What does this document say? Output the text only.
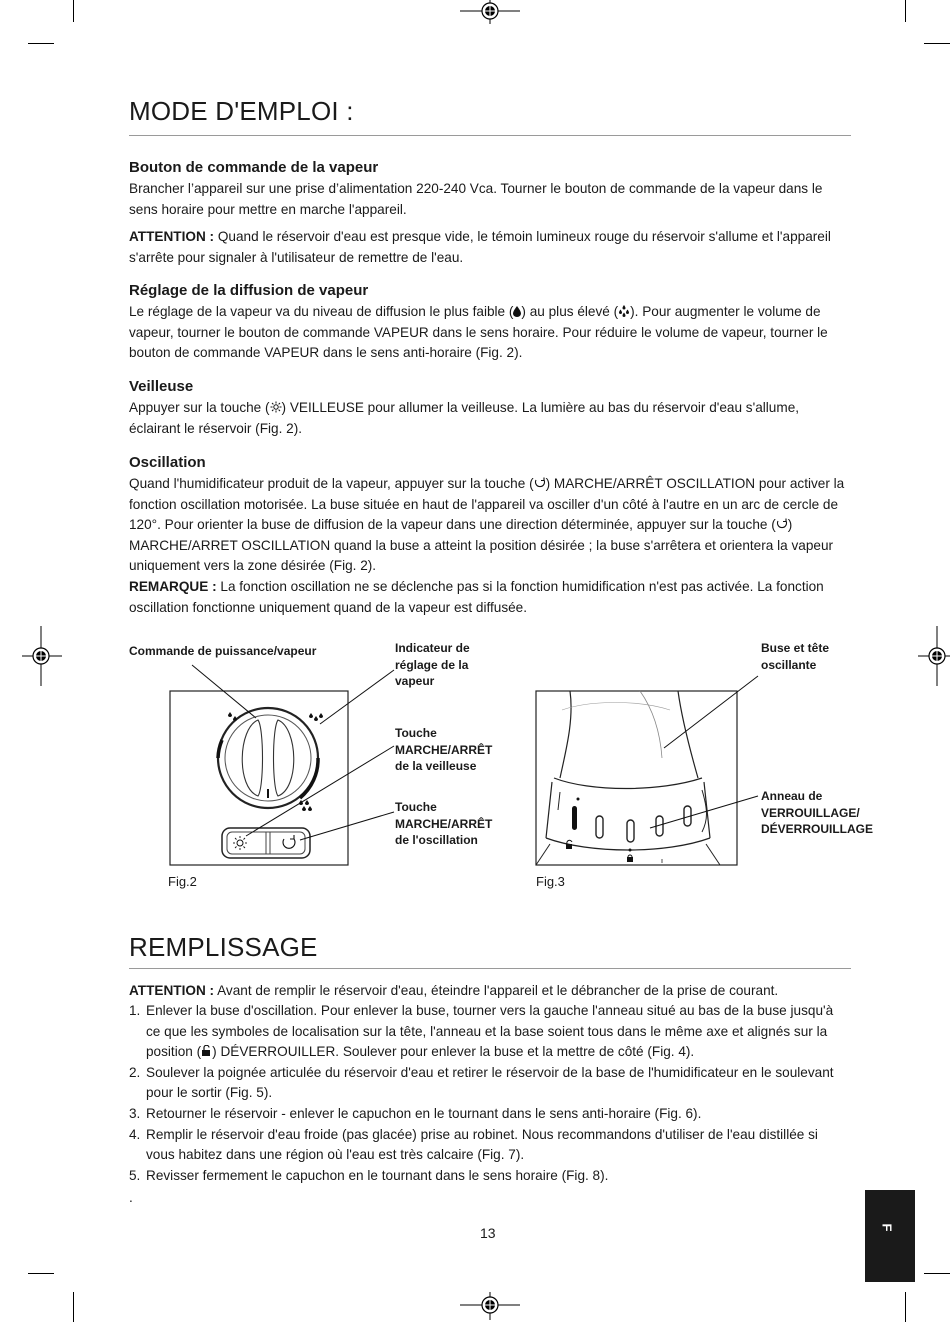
MODE D'EMPLOI :
Bouton de commande de la vapeur
Brancher l’appareil sur une prise d’alimentation 220-240 Vca. Tourner le bouton de commande de la vapeur dans le sens horaire pour mettre en marche l'appareil.
ATTENTION : Quand le réservoir d'eau est presque vide, le témoin lumineux rouge du réservoir s'allume et l'appareil s'arrête pour signaler à l'utilisateur de remettre de l'eau.
Réglage de la diffusion de vapeur
Le réglage de la vapeur va du niveau de diffusion le plus faible ( ) au plus élevé ( ). Pour augmenter le volume de vapeur, tourner le bouton de commande VAPEUR dans le sens horaire. Pour réduire le volume de vapeur, tourner le bouton de commande VAPEUR dans le sens anti-horaire (Fig. 2).
Veilleuse
Appuyer sur la touche ( ) VEILLEUSE pour allumer la veilleuse. La lumière au bas du réservoir d'eau s'allume, éclairant le réservoir (Fig. 2).
Oscillation
Quand l'humidificateur produit de la vapeur, appuyer sur la touche ( ) MARCHE/ARRÊT OSCILLATION pour activer la fonction oscillation motorisée. La buse située en haut de l'appareil va osciller d'un côté à l'autre en un arc de cercle de 120°. Pour orienter la buse de diffusion de la vapeur dans une direction déterminée, appuyer sur la touche ( ) MARCHE/ARRET OSCILLATION quand la buse a atteint la position désirée ; la buse s'arrêtera et orientera la vapeur uniquement vers la zone désirée (Fig. 2).
REMARQUE : La fonction oscillation ne se déclenche pas si la fonction humidification n'est pas activée. La fonction oscillation fonctionne uniquement quand de la vapeur est diffusée.
Commande de puissance/vapeur	Indicateur de
réglage de la
vapeur
Touche
MARCHE/ARRÊT
de la veilleuse
Touche
MARCHE/ARRÊT
de l'oscillation
Fig.2
Buse et tête
oscillante
Anneau de
VERROUILLAGE/
DÉVERROUILLAGE
Fig.3
REMPLISSAGE
ATTENTION : Avant de remplir le réservoir d'eau, éteindre l'appareil et le débrancher de la prise de courant.
1. Enlever la buse d'oscillation. Pour enlever la buse, tourner vers la gauche l'anneau situé au bas de la buse jusqu'à ce que les symboles de localisation sur la tête, l'anneau et la base soient tous dans le même axe et alignés sur la position ( ) DÉVERROUILLER. Soulever pour enlever la buse et la mettre de côté (Fig. 4).
2. Soulever la poignée articulée du réservoir d'eau et retirer le réservoir de la base de l'humidificateur en le soulevant pour le sortir (Fig. 5).
3. Retourner le réservoir - enlever le capuchon en le tournant dans le sens anti-horaire (Fig. 6).
4. Remplir le réservoir d'eau froide (pas glacée) prise au robinet. Nous recommandons d'utiliser de l'eau distillée si vous habitez dans une région où l'eau est très calcaire (Fig. 7).
5. Revisser fermement le capuchon en le tournant dans le sens horaire (Fig. 8).
.
13	F
